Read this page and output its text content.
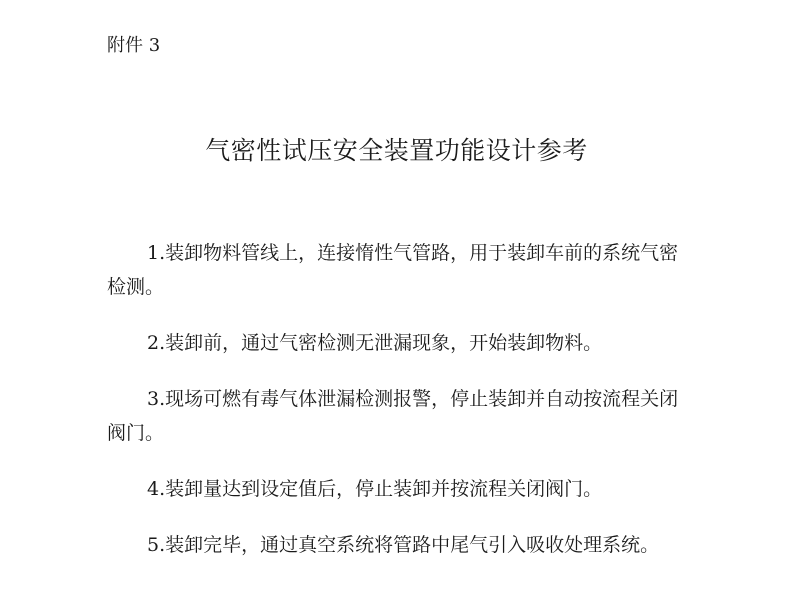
附件 3
气密性试压安全装置功能设计参考

1.装卸物料管线上，连接惰性气管路，用于装卸车前的系统气密检测。

2.装卸前，通过气密检测无泄漏现象，开始装卸物料。

3.现场可燃有毒气体泄漏检测报警，停止装卸并自动按流程关闭阀门。

4.装卸量达到设定值后，停止装卸并按流程关闭阀门。

5.装卸完毕，通过真空系统将管路中尾气引入吸收处理系统。
